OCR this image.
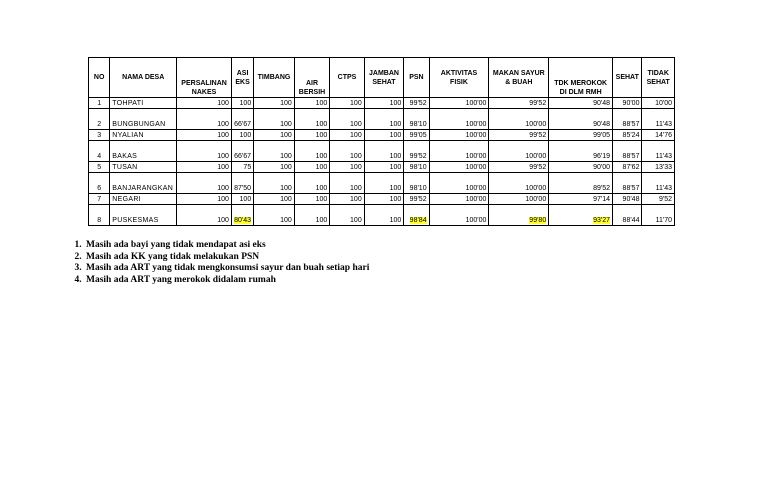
NO	NAMA DESA	PERSALINAN NAKES	ASI EKS	TIMBANG	AIR BERSIH	CTPS	JAMBAN SEHAT	PSN	AKTIVITAS FISIK	MAKAN SAYUR & BUAH	TDK MEROKOK DI DLM RMH	SEHAT	TIDAK SEHAT
1	TOHPATI	100	100	100	100	100	100	99'52	100'00	99'52	90'48	90'00	10'00
2	BUNGBUNGAN	100	66'67	100	100	100	100	98'10	100'00	100'00	90'48	88'57	11'43
3	NYALIAN	100	100	100	100	100	100	99'05	100'00	99'52	99'05	85'24	14'76
4	BAKAS	100	66'67	100	100	100	100	99'52	100'00	100'00	96'19	88'57	11'43
5	TUSAN	100	75	100	100	100	100	98'10	100'00	99'52	90'00	87'62	13'33
6	BANJARANGKAN	100	87'50	100	100	100	100	98'10	100'00	100'00	89'52	88'57	11'43
7	NEGARI	100	100	100	100	100	100	99'52	100'00	100'00	97'14	90'48	9'52
8	PUSKESMAS	100	80'43	100	100	100	100	98'84	100'00	99'80	93'27	88'44	11'70
1. Masih ada bayi yang tidak mendapat asi eks
2. Masih ada KK yang tidak melakukan PSN
3. Masih ada ART yang tidak mengkonsumsi sayur dan buah setiap hari
4. Masih ada ART yang merokok didalam rumah
